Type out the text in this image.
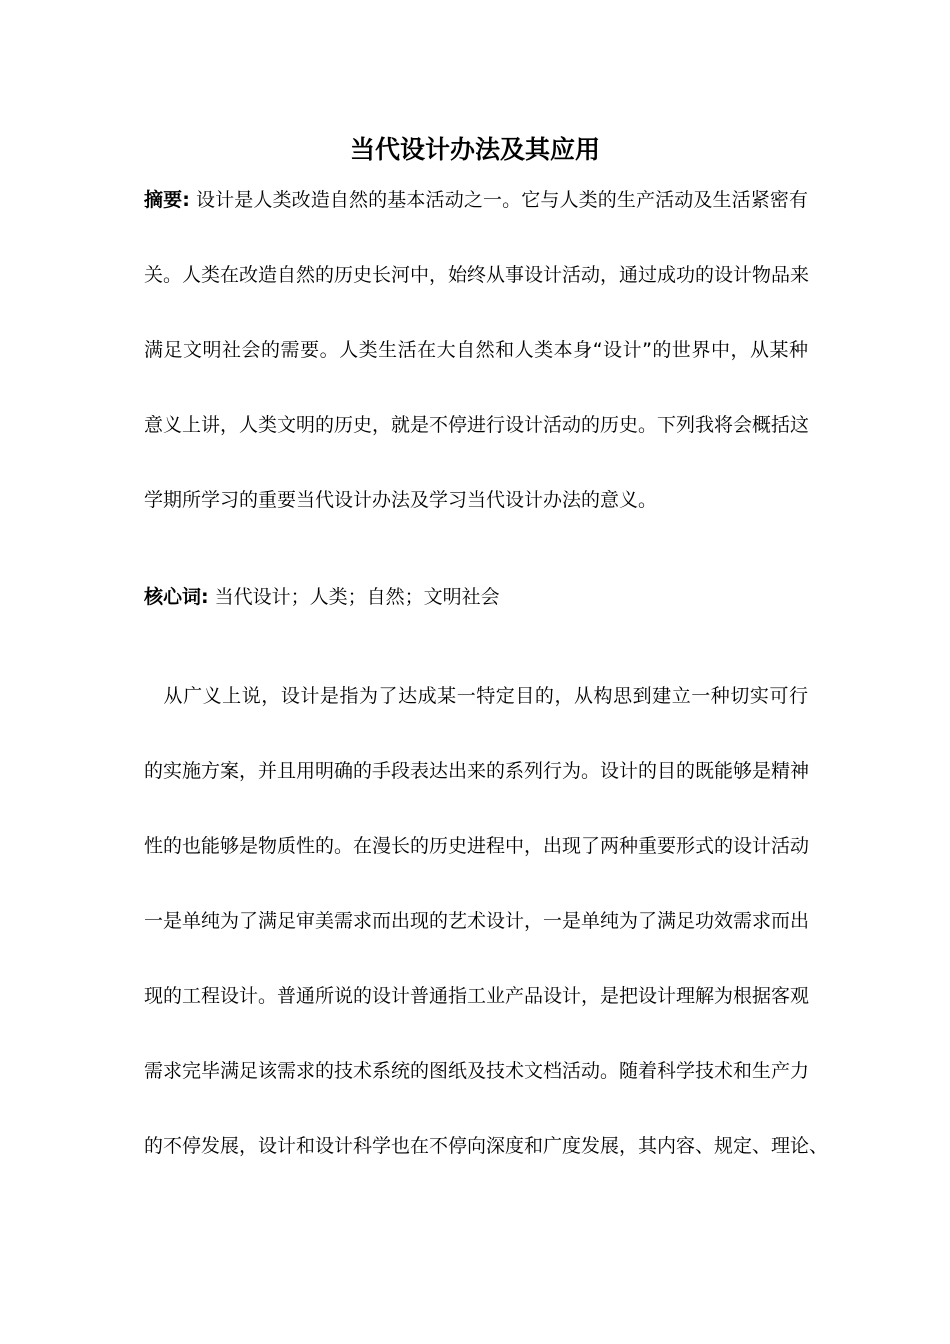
当代设计办法及其应用
摘要: 设计是人类改造自然的基本活动之一。它与人类的生产活动及生活紧密有
关。人类在改造自然的历史长河中，始终从事设计活动，通过成功的设计物品来
满足文明社会的需要。人类生活在大自然和人类本身“设计”的世界中，从某种
意义上讲，人类文明的历史，就是不停进行设计活动的历史。下列我将会概括这
学期所学习的重要当代设计办法及学习当代设计办法的意义。
核心词: 当代设计；人类；自然；文明社会
　从广义上说，设计是指为了达成某一特定目的，从构思到建立一种切实可行
的实施方案，并且用明确的手段表达出来的系列行为。设计的目的既能够是精神
性的也能够是物质性的。在漫长的历史进程中，出现了两种重要形式的设计活动
一是单纯为了满足审美需求而出现的艺术设计，一是单纯为了满足功效需求而出
现的工程设计。普通所说的设计普通指工业产品设计，是把设计理解为根据客观
需求完毕满足该需求的技术系统的图纸及技术文档活动。随着科学技术和生产力
的不停发展，设计和设计科学也在不停向深度和广度发展，其内容、规定、理论、
